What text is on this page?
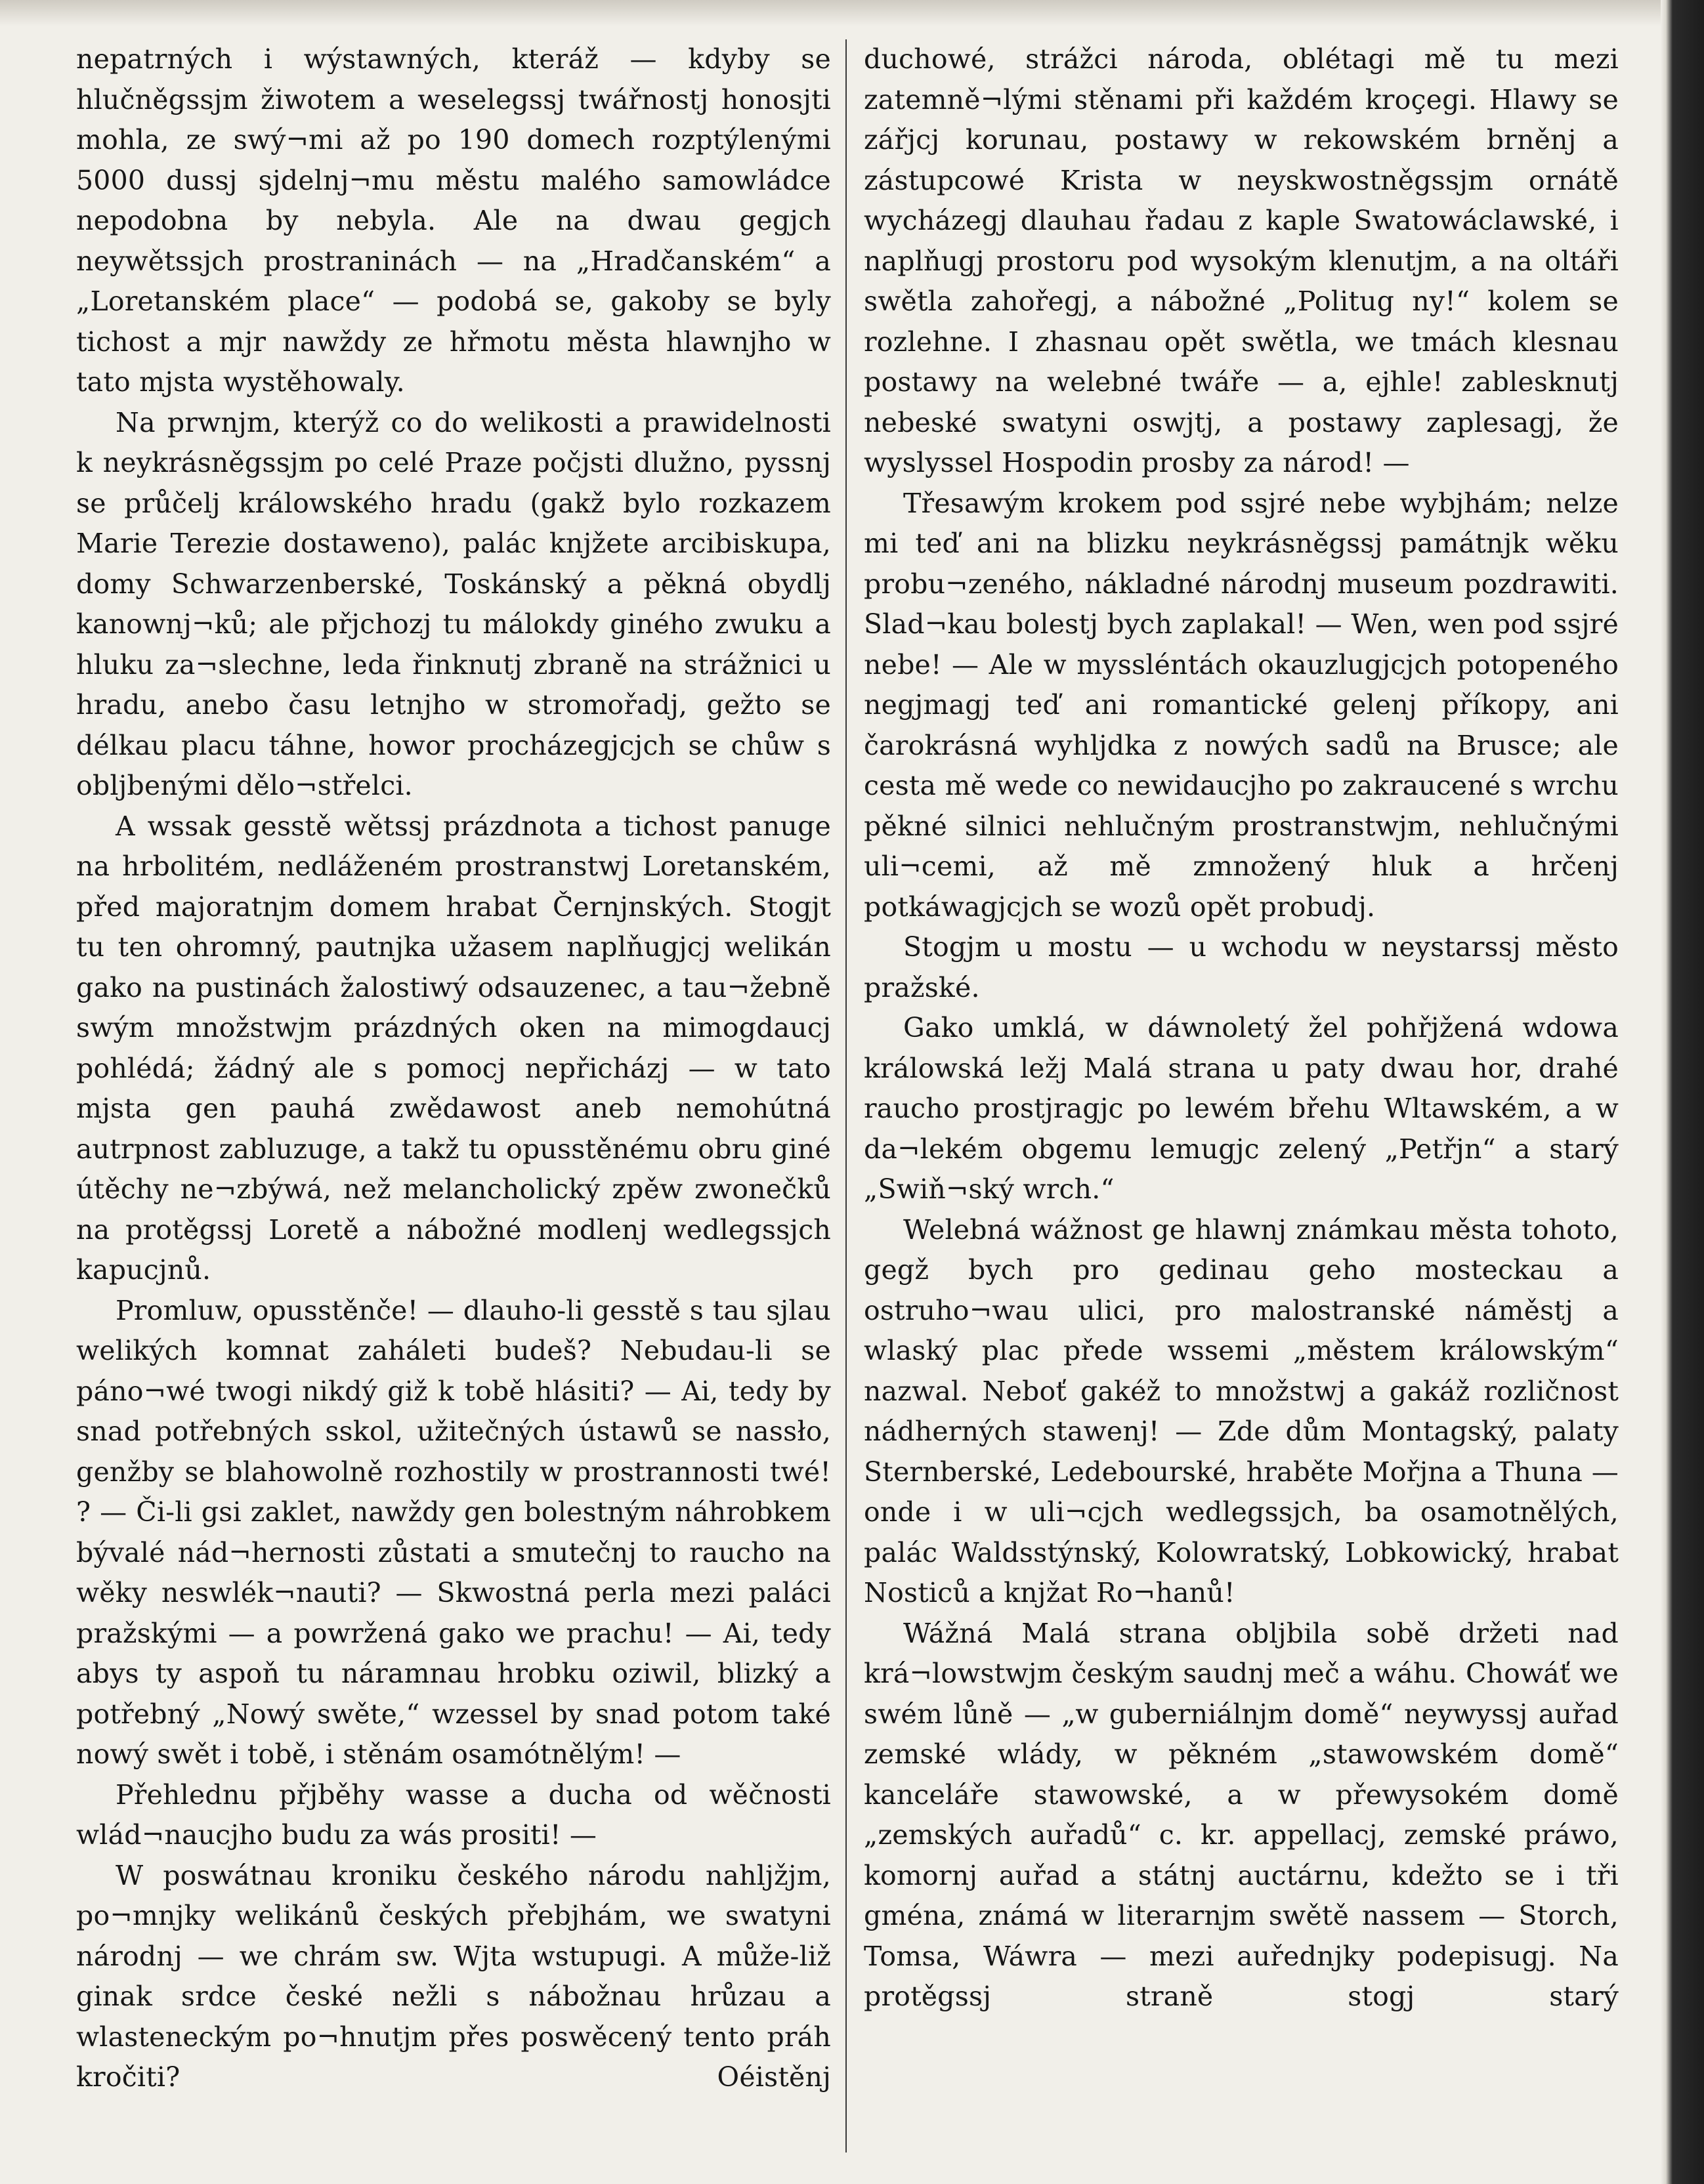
nepatrných i wýstawných, kteráž — kdyby se hlučněgssjm žiwotem a weselegssj twářnostj honosjti mohla, ze swý¬mi až po 190 domech rozptýlenými 5000 dussj sjdelnj¬mu městu malého samowládce nepodobna by nebyla. Ale na dwau gegjch neywětssjch prostraninách — na „Hradčanském“ a „Loretanském place“ — podobá se, gakoby se byly tichost a mjr nawždy ze hřmotu města hlawnjho w tato mjsta wystěhowaly.

Na prwnjm, kterýž co do welikosti a prawidelnosti k neykrásněgssjm po celé Praze počjsti dlužno, pyssnj se průčelj králowského hradu (gakž bylo rozkazem Marie Terezie dostaweno), palác knjžete arcibiskupa, domy Schwarzenberské, Toskánský a pěkná obydlj kanownj¬ků; ale přjchozj tu málokdy giného zwuku a hluku za¬slechne, leda řinknutj zbraně na strážnici u hradu, anebo času letnjho w stromořadj, gežto se délkau placu táhne, howor procházegjcjch se chůw s obljbenými dělo¬střelci.

A wssak gesstě wětssj prázdnota a tichost panuge na hrbolitém, nedláženém prostranstwj Loretanském, před majoratnjm domem hrabat Černjnských. Stogjt tu ten ohromný, pautnjka užasem naplňugjcj welikán gako na pustinách žalostiwý odsauzenec, a tau¬žebně swým množstwjm prázdných oken na mimogdaucj pohlédá; žádný ale s pomocj nepřicházj — w tato mjsta gen pauhá zwědawost aneb nemohútná autrpnost zabluzuge, a takž tu opusstěnému obru giné útěchy ne¬zbýwá, než melancholický zpěw zwonečků na protěgssj Loretě a nábožné modlenj wedlegssjch kapucjnů.

Promluw, opusstěnče! — dlauho-li gesstě s tau sjlau welikých komnat zaháleti budeš? Nebudau-li se páno¬wé twogi nikdý giž k tobě hlásiti? — Ai, tedy by snad potřebných sskol, užitečných ústawů se nassło, genžby se blahowolně rozhostily w prostrannosti twé! ? — Či-li gsi zaklet, nawždy gen bolestným náhrobkem bývalé nád¬hernosti zůstati a smutečnj to raucho na wěky neswlék¬nauti? — Skwostná perla mezi paláci pražskými — a powržená gako we prachu! — Ai, tedy abys ty aspoň tu náramnau hrobku oziwil, blizký a potřebný „Nowý swěte,“ wzessel by snad potom také nowý swět i tobě, i stěnám osamótnělým! —

Přehlednu přjběhy wasse a ducha od wěčnosti wlád¬naucjho budu za wás prositi! —

W poswátnau kroniku českého národu nahljžjm, po¬mnjky welikánů českých přebjhám, we swatyni národnj — we chrám sw. Wjta wstupugi. A může-liž ginak srdce české nežli s nábožnau hrůzau a wlasteneckým po¬hnutjm přes poswěcený tento práh kročiti? Oéistěnj

duchowé, strážci národa, oblétagi mě tu mezi zatemně¬lými stěnami při každém kroçegi. Hlawy se zářjcj korunau, postawy w rekowském brněnj a zástupcowé Krista w neyskwostněgssjm ornátě wycházegj dlauhau řadau z kaple Swatowáclawské, i naplňugj prostoru pod wysokým klenutjm, a na oltáři swětla zahořegj, a nábožné „Politug ny!“ kolem se rozlehne. I zhasnau opět swětla, we tmách klesnau postawy na welebné twáře — a, ejhle! zablesknutj nebeské swatyni oswjtj, a postawy zaplesagj, že wyslyssel Hospodin prosby za národ! —

Třesawým krokem pod ssjré nebe wybjhám; nelze mi teď ani na blizku neykrásněgssj památnjk wěku probu¬zeného, nákladné národnj museum pozdrawiti. Slad¬kau bolestj bych zaplakal! — Wen, wen pod ssjré nebe! — Ale w myssléntách okauzlugjcjch potopeného negjmagj teď ani romantické gelenj příkopy, ani čarokrásná wyhljdka z nowých sadů na Brusce; ale cesta mě wede co newidaucjho po zakraucené s wrchu pěkné silnici nehlučným prostranstwjm, nehlučnými uli¬cemi, až mě zmnožený hluk a hrčenj potkáwagjcjch se wozů opět probudj.

Stogjm u mostu — u wchodu w neystarssj město pražské.

Gako umklá, w dáwnoletý žel pohřjžená wdowa králowská ležj Malá strana u paty dwau hor, drahé raucho prostjragjc po lewém břehu Wltawském, a w da¬lekém obgemu lemugjc zelený „Petřjn“ a starý „Swiň¬ský wrch.“

Welebná wážnost ge hlawnj známkau města tohoto, gegž bych pro gedinau geho mosteckau a ostruho¬wau ulici, pro malostranské náměstj a wlaský plac předе wssemi „městem králowským“ nazwal. Neboť gakéž to množstwj a gakáž rozličnost nádherných stawenj! — Zde dům Montagský, palaty Sternberské, Ledebourské, hraběte Mořjna a Thuna — onde i w uli¬cjch wedlegssjch, ba osamotnělých, palác Waldsstýnský, Kolowratský, Lobkowický, hrabat Nosticů a knjžat Ro¬hanů!

Wážná Malá strana oblјbila sobě držeti nad krá¬lowstwjm českým saudnj meč a wáhu. Chowáť we swém lůně — „w guberniálnjm domě“ neywyssj auřad zemské wlády, w pěkném „stawowském domě“ kanceláře stawowské, a w přewysokém domě „zemských auřadů“ c. kr. appellacj, zemské práwo, komornj auřad a státnj auctárnu, kdežto se i tři gména, známá w literarnjm swětě nassem — Storch, Tomsa, Wáwra — mezi auřednjky podepisugj. Na protěgssj straně stogj starý
